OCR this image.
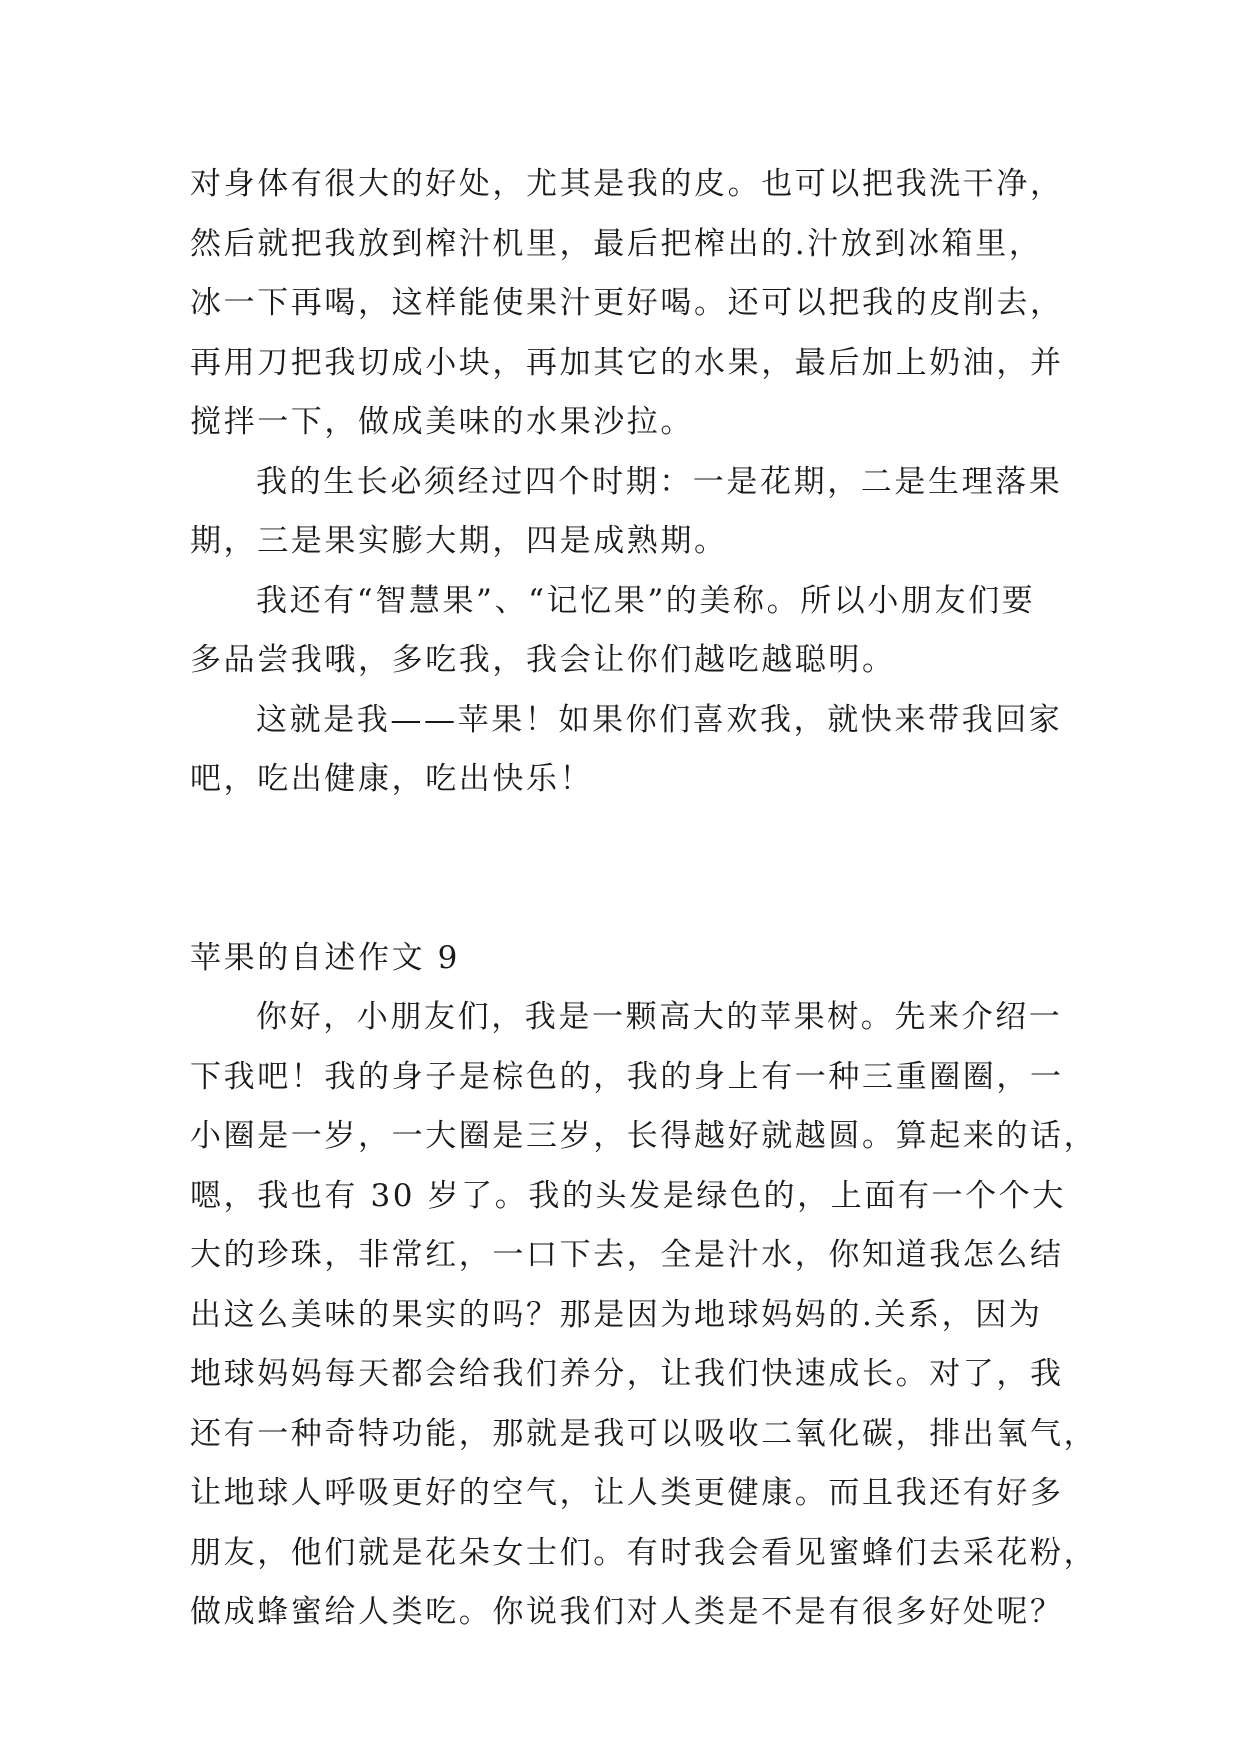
对身体有很大的好处，尤其是我的皮。也可以把我洗干净，
然后就把我放到榨汁机里，最后把榨出的.汁放到冰箱里，
冰一下再喝，这样能使果汁更好喝。还可以把我的皮削去，
再用刀把我切成小块，再加其它的水果，最后加上奶油，并
搅拌一下，做成美味的水果沙拉。
我的生长必须经过四个时期：一是花期，二是生理落果
期，三是果实膨大期，四是成熟期。
我还有“智慧果”、“记忆果”的美称。所以小朋友们要
多品尝我哦，多吃我，我会让你们越吃越聪明。
这就是我——苹果！如果你们喜欢我，就快来带我回家
吧，吃出健康，吃出快乐！
苹果的自述作文 9
你好，小朋友们，我是一颗高大的苹果树。先来介绍一
下我吧！我的身子是棕色的，我的身上有一种三重圈圈，一
小圈是一岁，一大圈是三岁，长得越好就越圆。算起来的话，
嗯，我也有 30 岁了。我的头发是绿色的，上面有一个个大
大的珍珠，非常红，一口下去，全是汁水，你知道我怎么结
出这么美味的果实的吗？那是因为地球妈妈的.关系，因为
地球妈妈每天都会给我们养分，让我们快速成长。对了，我
还有一种奇特功能，那就是我可以吸收二氧化碳，排出氧气，
让地球人呼吸更好的空气，让人类更健康。而且我还有好多
朋友，他们就是花朵女士们。有时我会看见蜜蜂们去采花粉，
做成蜂蜜给人类吃。你说我们对人类是不是有很多好处呢？
